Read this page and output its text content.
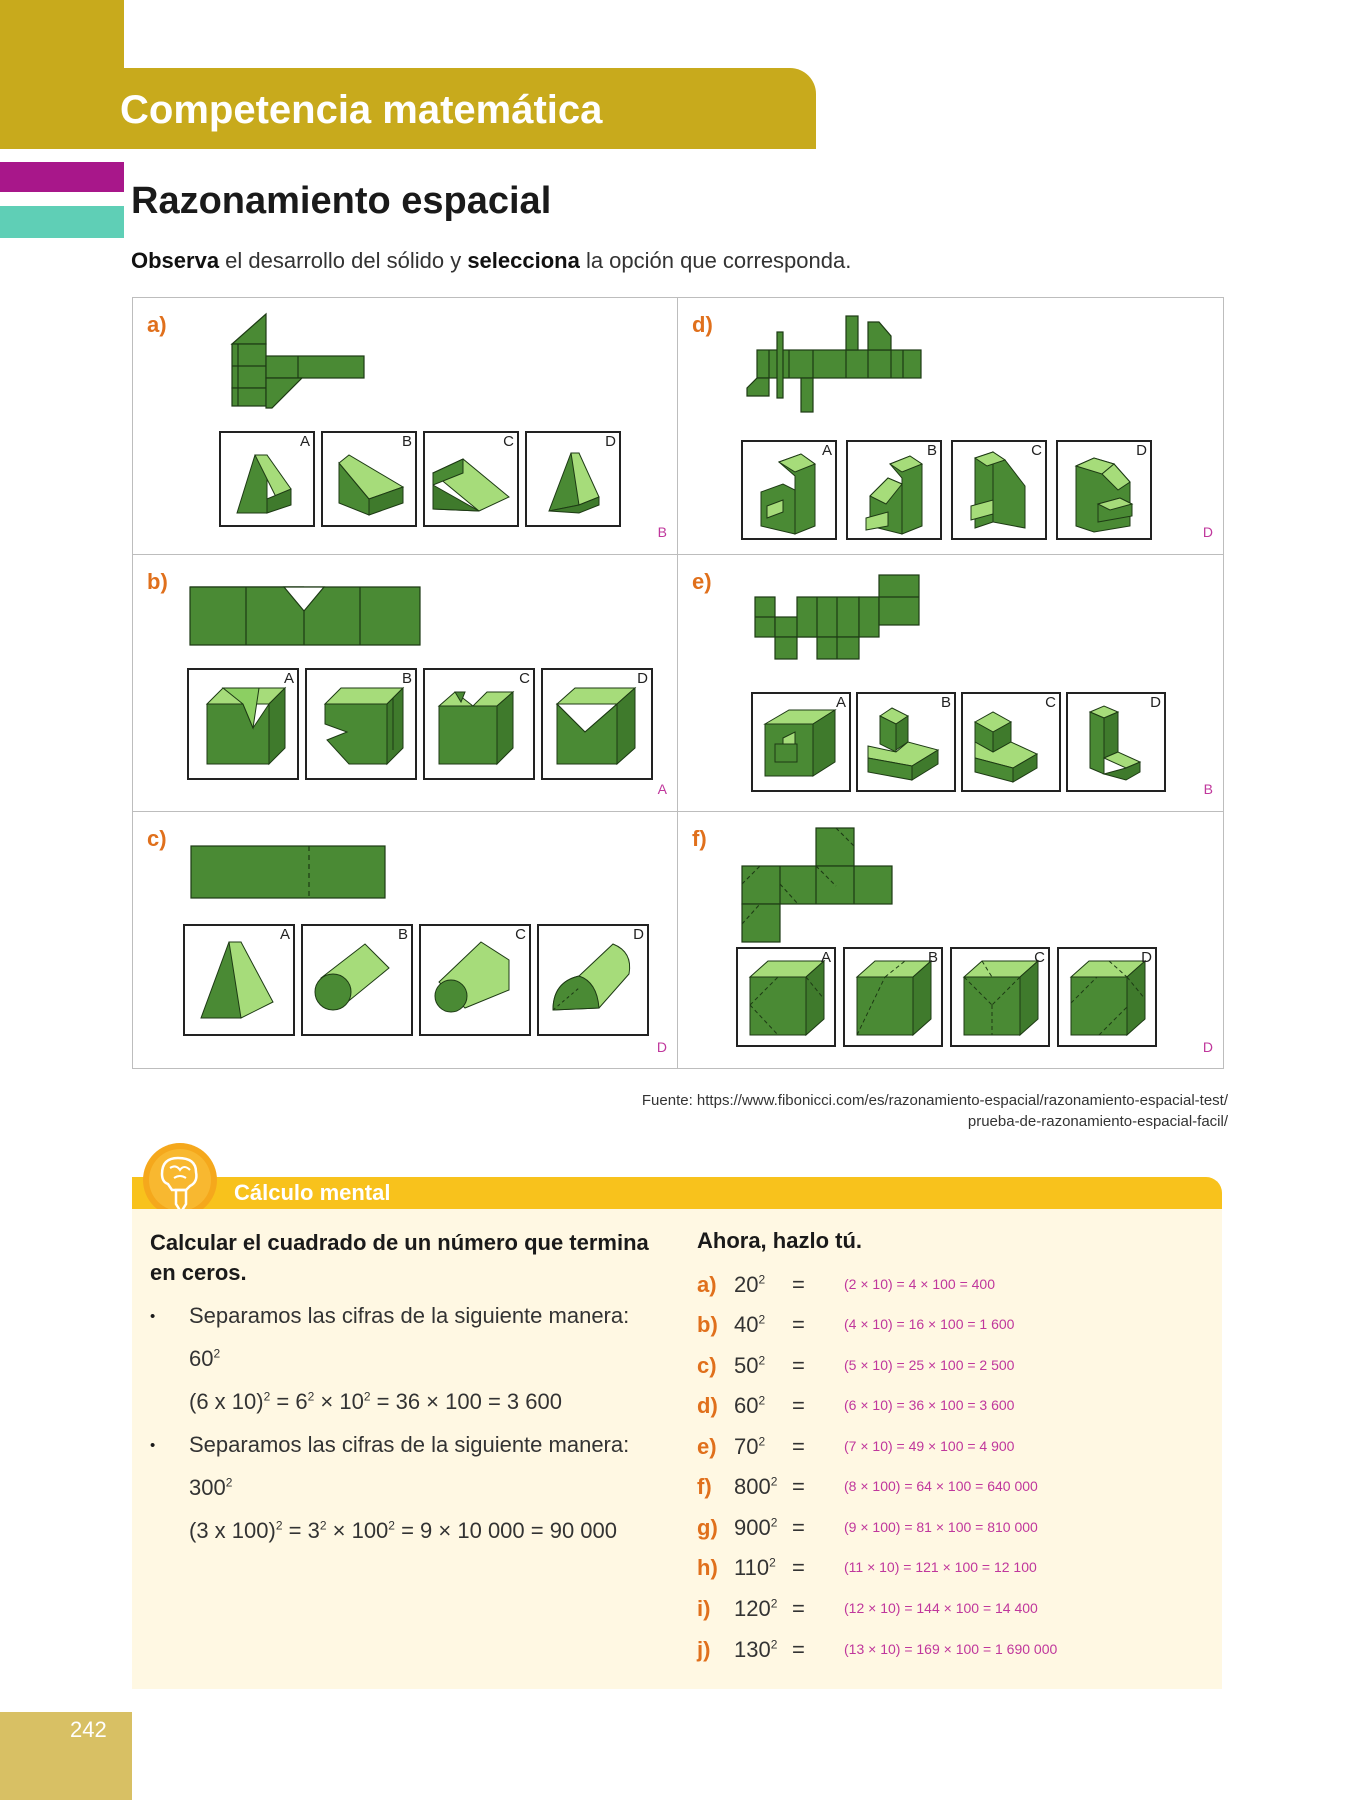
Competencia matemática
Razonamiento espacial
Observa el desarrollo del sólido y selecciona la opción que corresponda.
a)
A	B	C	D
B
d)
A	B	C	D
D
b)
A	B	C	D
A
e)
A	B	C	D
B
c)
A	B	C	D
D
f)
A	B	C	D
D
Fuente: https://www.fibonicci.com/es/razonamiento-espacial/razonamiento-espacial-test/
prueba-de-razonamiento-espacial-facil/
Cálculo mental
Calcular el cuadrado de un número que termina en ceros.
• Separamos las cifras de la siguiente manera:
$60^2$
(6 x $10)^2 = 6^2 \times 10^2 = 36 \times 100 = 3$ 600
• Separamos las cifras de la siguiente manera:
$300^2$
(3 x $100)^2 = 3^2 \times 100^2 = 9 \times 10$ 000 = 90 000
Ahora, hazlo tú.
a) $20^2$ =	(2 × 10) = 4 × 100 = 400
b) $40^2$ =	(4 × 10) = 16 × 100 = 1 600
c) $50^2$ =	(5 × 10) = 25 × 100 = 2 500
d) $60^2$ =	(6 × 10) = 36 × 100 = 3 600
e) $70^2$ =	(7 × 10) = 49 × 100 = 4 900
f) $800^2$ =	(8 × 100) = 64 × 100 = 640 000
g) $900^2$ =	(9 × 100) = 81 × 100 = 810 000
h) $110^2$ =	(11 × 10) = 121 × 100 = 12 100
i) $120^2$ =	(12 × 10) = 144 × 100 = 14 400
j) $130^2$ =	(13 × 10) = 169 × 100 = 1 690 000
242
